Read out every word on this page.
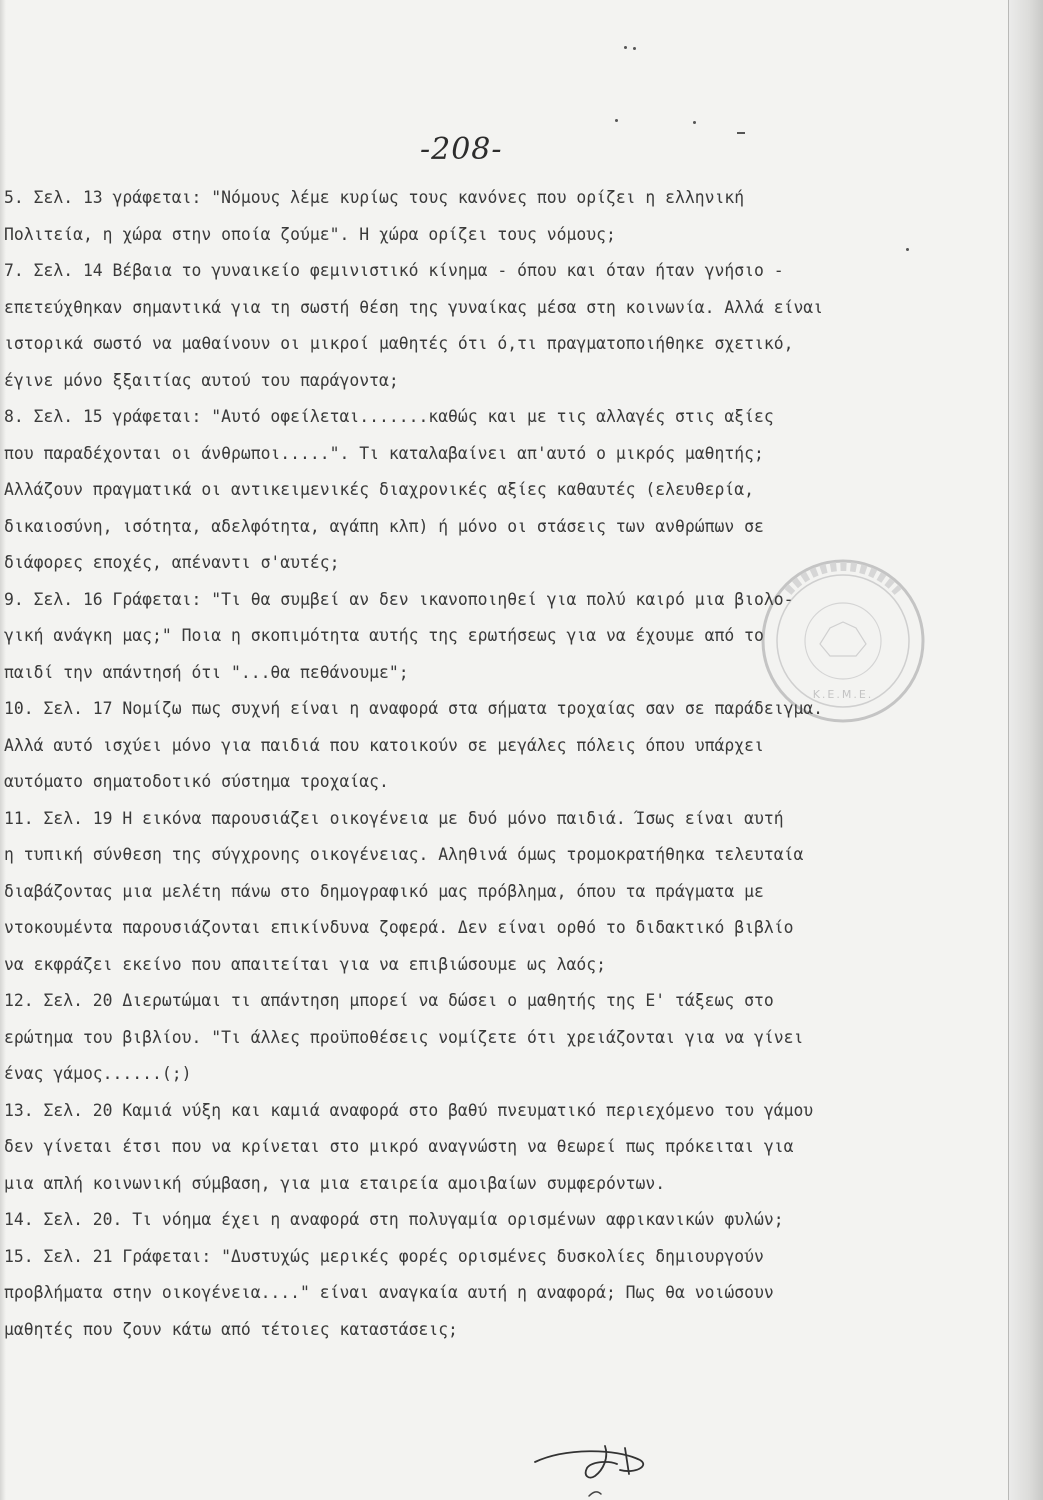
-208-
Κ.Ε.Μ.Ε.
5. Σελ. 13 γράφεται: "Νόμους λέμε κυρίως τους κανόνες που ορίζει η ελληνική
Πολιτεία, η χώρα στην οποία ζούμε". Η χώρα ορίζει τους νόμους;
7. Σελ. 14 Βέβαια το γυναικείο φεμινιστικό κίνημα - όπου και όταν ήταν γνήσιο -
επετεύχθηκαν σημαντικά για τη σωστή θέση της γυναίκας μέσα στη κοινωνία. Αλλά είναι
ιστορικά σωστό να μαθαίνουν οι μικροί μαθητές ότι ό,τι πραγματοποιήθηκε σχετικό,
έγινε μόνο ξξαιτίας αυτού του παράγοντα;
8. Σελ. 15 γράφεται: "Αυτό οφείλεται.......καθώς και με τις αλλαγές στις αξίες
που παραδέχονται οι άνθρωποι.....". Τι καταλαβαίνει απ'αυτό ο μικρός μαθητής;
Αλλάζουν πραγματικά οι αντικειμενικές διαχρονικές αξίες καθαυτές (ελευθερία,
δικαιοσύνη, ισότητα, αδελφότητα, αγάπη κλπ) ή μόνο οι στάσεις των ανθρώπων σε
διάφορες εποχές, απέναντι σ'αυτές;
9. Σελ. 16 Γράφεται: "Τι θα συμβεί αν δεν ικανοποιηθεί για πολύ καιρό μια βιολο-
γική ανάγκη μας;" Ποια η σκοπιμότητα αυτής της ερωτήσεως για να έχουμε από το
παιδί την απάντησή ότι "...θα πεθάνουμε";
10. Σελ. 17 Νομίζω πως συχνή είναι η αναφορά στα σήματα τροχαίας σαν σε παράδειγμα.
Αλλά αυτό ισχύει μόνο για παιδιά που κατοικούν σε μεγάλες πόλεις όπου υπάρχει
αυτόματο σηματοδοτικό σύστημα τροχαίας.
11. Σελ. 19 Η εικόνα παρουσιάζει οικογένεια με δυό μόνο παιδιά. Ίσως είναι αυτή
η τυπική σύνθεση της σύγχρονης οικογένειας. Αληθινά όμως τρομοκρατήθηκα τελευταία
διαβάζοντας μια μελέτη πάνω στο δημογραφικό μας πρόβλημα, όπου τα πράγματα με
ντοκουμέντα παρουσιάζονται επικίνδυνα ζοφερά. Δεν είναι ορθό το διδακτικό βιβλίο
να εκφράζει εκείνο που απαιτείται για να επιβιώσουμε ως λαός;
12. Σελ. 20 Διερωτώμαι τι απάντηση μπορεί να δώσει ο μαθητής της Ε' τάξεως στο
ερώτημα του βιβλίου. "Τι άλλες προϋποθέσεις νομίζετε ότι χρειάζονται για να γίνει
ένας γάμος......(;)
13. Σελ. 20 Καμιά νύξη και καμιά αναφορά στο βαθύ πνευματικό περιεχόμενο του γάμου
δεν γίνεται έτσι που να κρίνεται στο μικρό αναγνώστη να θεωρεί πως πρόκειται για
μια απλή κοινωνική σύμβαση, για μια εταιρεία αμοιβαίων συμφερόντων.
14. Σελ. 20. Τι νόημα έχει η αναφορά στη πολυγαμία ορισμένων αφρικανικών φυλών;
15. Σελ. 21 Γράφεται: "Δυστυχώς μερικές φορές ορισμένες δυσκολίες δημιουργούν
προβλήματα στην οικογένεια...." είναι αναγκαία αυτή η αναφορά; Πως θα νοιώσουν
μαθητές που ζουν κάτω από τέτοιες καταστάσεις;
